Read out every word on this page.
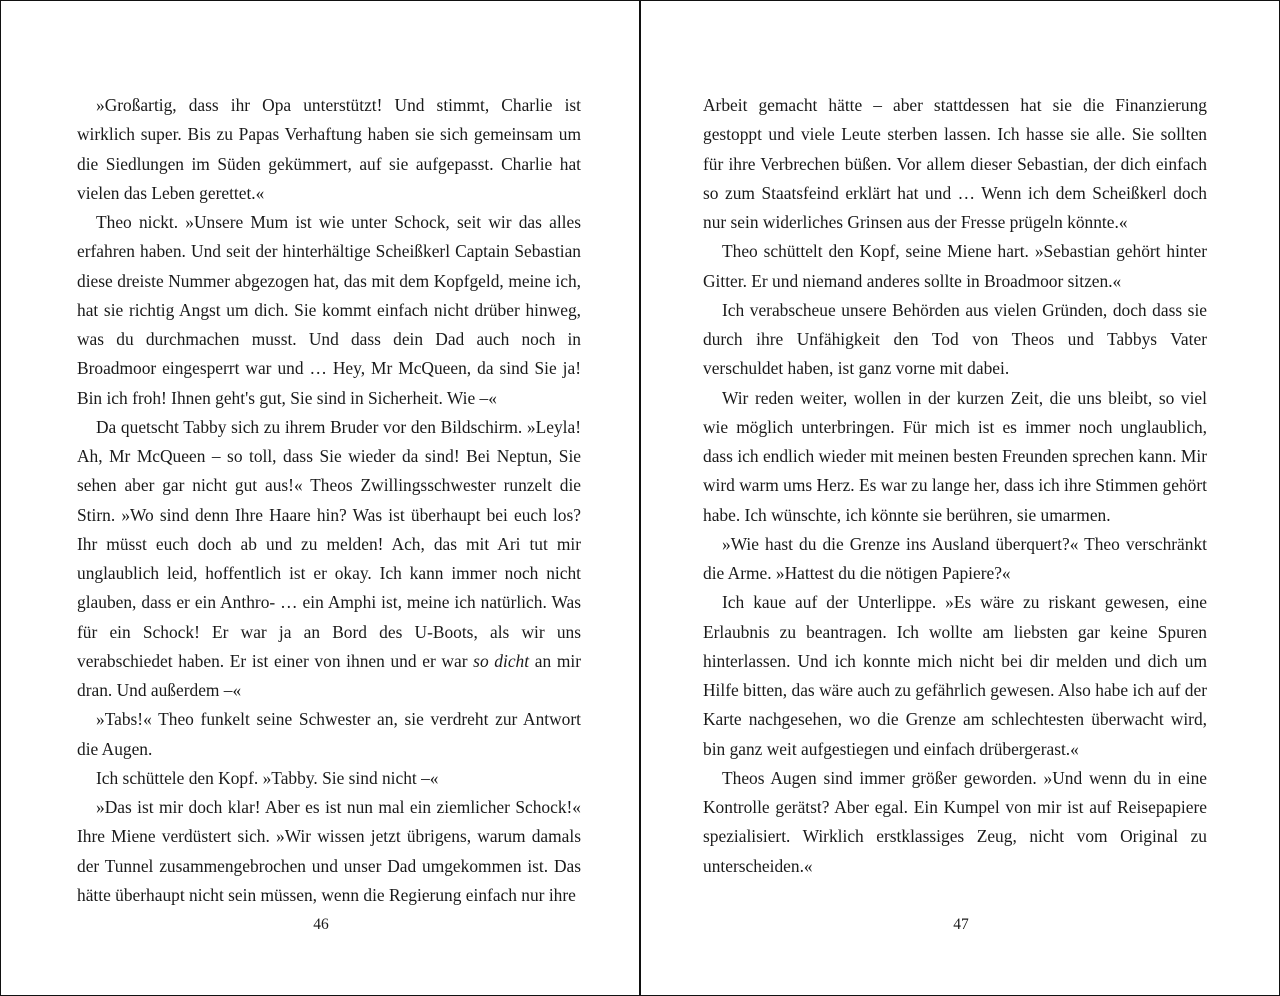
»Großartig, dass ihr Opa unterstützt! Und stimmt, Charlie ist wirklich super. Bis zu Papas Verhaftung haben sie sich gemeinsam um die Siedlungen im Süden gekümmert, auf sie aufgepasst. Charlie hat vielen das Leben gerettet.«

Theo nickt. »Unsere Mum ist wie unter Schock, seit wir das alles erfahren haben. Und seit der hinterhältige Scheißkerl Captain Sebastian diese dreiste Nummer abgezogen hat, das mit dem Kopfgeld, meine ich, hat sie richtig Angst um dich. Sie kommt einfach nicht drüber hinweg, was du durchmachen musst. Und dass dein Dad auch noch in Broadmoor eingesperrt war und … Hey, Mr McQueen, da sind Sie ja! Bin ich froh! Ihnen geht's gut, Sie sind in Sicherheit. Wie –«

Da quetscht Tabby sich zu ihrem Bruder vor den Bildschirm. »Leyla! Ah, Mr McQueen – so toll, dass Sie wieder da sind! Bei Neptun, Sie sehen aber gar nicht gut aus!« Theos Zwillingsschwester runzelt die Stirn. »Wo sind denn Ihre Haare hin? Was ist überhaupt bei euch los? Ihr müsst euch doch ab und zu melden! Ach, das mit Ari tut mir unglaublich leid, hoffentlich ist er okay. Ich kann immer noch nicht glauben, dass er ein Anthro- … ein Amphi ist, meine ich natürlich. Was für ein Schock! Er war ja an Bord des U-Boots, als wir uns verabschiedet haben. Er ist einer von ihnen und er war so dicht an mir dran. Und außerdem –«

»Tabs!« Theo funkelt seine Schwester an, sie verdreht zur Antwort die Augen.

Ich schüttele den Kopf. »Tabby. Sie sind nicht –«

»Das ist mir doch klar! Aber es ist nun mal ein ziemlicher Schock!« Ihre Miene verdüstert sich. »Wir wissen jetzt übrigens, warum damals der Tunnel zusammengebrochen und unser Dad umgekommen ist. Das hätte überhaupt nicht sein müssen, wenn die Regierung einfach nur ihre

46

Arbeit gemacht hätte – aber stattdessen hat sie die Finanzierung gestoppt und viele Leute sterben lassen. Ich hasse sie alle. Sie sollten für ihre Verbrechen büßen. Vor allem dieser Sebastian, der dich einfach so zum Staatsfeind erklärt hat und … Wenn ich dem Scheißkerl doch nur sein widerliches Grinsen aus der Fresse prügeln könnte.«

Theo schüttelt den Kopf, seine Miene hart. »Sebastian gehört hinter Gitter. Er und niemand anderes sollte in Broadmoor sitzen.«

Ich verabscheue unsere Behörden aus vielen Gründen, doch dass sie durch ihre Unfähigkeit den Tod von Theos und Tabbys Vater verschuldet haben, ist ganz vorne mit dabei.

Wir reden weiter, wollen in der kurzen Zeit, die uns bleibt, so viel wie möglich unterbringen. Für mich ist es immer noch unglaublich, dass ich endlich wieder mit meinen besten Freunden sprechen kann. Mir wird warm ums Herz. Es war zu lange her, dass ich ihre Stimmen gehört habe. Ich wünschte, ich könnte sie berühren, sie umarmen.

»Wie hast du die Grenze ins Ausland überquert?« Theo verschränkt die Arme. »Hattest du die nötigen Papiere?«

Ich kaue auf der Unterlippe. »Es wäre zu riskant gewesen, eine Erlaubnis zu beantragen. Ich wollte am liebsten gar keine Spuren hinterlassen. Und ich konnte mich nicht bei dir melden und dich um Hilfe bitten, das wäre auch zu gefährlich gewesen. Also habe ich auf der Karte nachgesehen, wo die Grenze am schlechtesten überwacht wird, bin ganz weit aufgestiegen und einfach drübergerast.«

Theos Augen sind immer größer geworden. »Und wenn du in eine Kontrolle gerätst? Aber egal. Ein Kumpel von mir ist auf Reisepapiere spezialisiert. Wirklich erstklassiges Zeug, nicht vom Original zu unterscheiden.«

47
